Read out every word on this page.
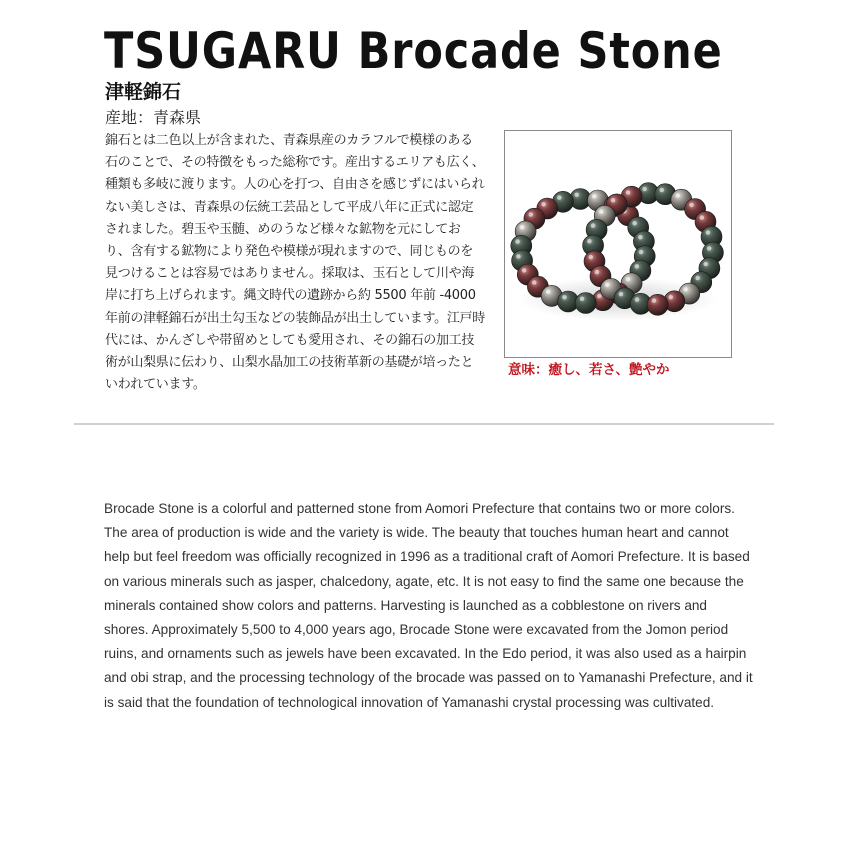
TSUGARU Brocade Stone
津軽錦石
産地：青森県

錦石とは二色以上が含まれた、青森県産のカラフルで模様のある石のことで、その特徴をもった総称です。産出するエリアも広く、種類も多岐に渡ります。人の心を打つ、自由さを感じずにはいられない美しさは、青森県の伝統工芸品として平成八年に正式に認定されました。碧玉や玉髄、めのうなど様々な鉱物を元にしており、含有する鉱物により発色や模様が現れますので、同じものを見つけることは容易ではありません。採取は、玉石として川や海岸に打ち上げられます。縄文時代の遺跡から約 5500 年前 -4000 年前の津軽錦石が出土勾玉などの装飾品が出土しています。江戸時代には、かんざしや帯留めとしても愛用され、その錦石の加工技術が山梨県に伝わり、山梨水晶加工の技術革新の基礎が培ったといわれています。

意味：癒し、若さ、艶やか

Brocade Stone is a colorful and patterned stone from Aomori Prefecture that contains two or more colors. The area of production is wide and the variety is wide. The beauty that touches human heart and cannot help but feel freedom was officially recognized in 1996 as a traditional craft of Aomori Prefecture. It is based on various minerals such as jasper, chalcedony, agate, etc. It is not easy to find the same one because the minerals contained show colors and patterns. Harvesting is launched as a cobblestone on rivers and shores. Approximately 5,500 to 4,000 years ago, Brocade Stone were excavated from the Jomon period ruins, and ornaments such as jewels have been excavated. In the Edo period, it was also used as a hairpin and obi strap, and the processing technology of the brocade was passed on to Yamanashi Prefecture, and it is said that the foundation of technological innovation of Yamanashi crystal processing was cultivated.
